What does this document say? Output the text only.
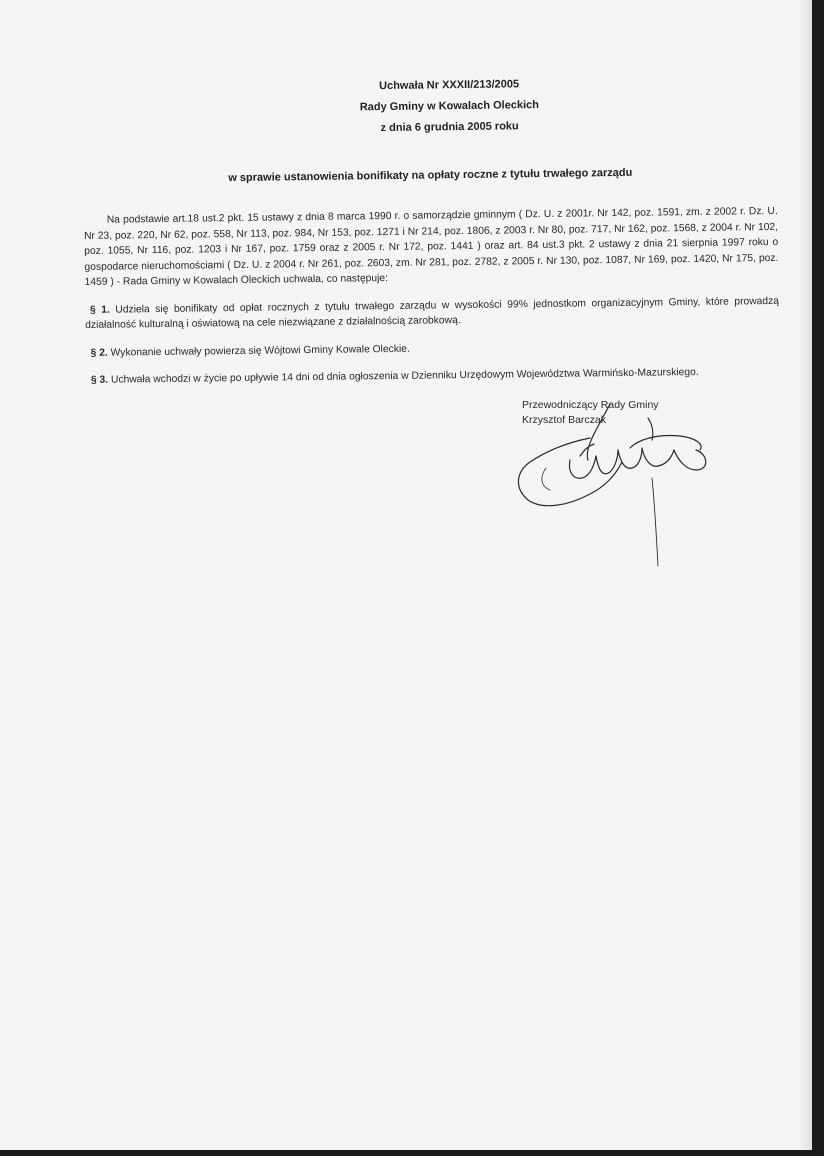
Uchwała Nr XXXII/213/2005
Rady Gminy w Kowalach Oleckich
z dnia 6 grudnia 2005 roku
w sprawie ustanowienia bonifikaty na opłaty roczne z tytułu trwałego zarządu
Na podstawie art.18 ust.2 pkt. 15 ustawy z dnia 8 marca 1990 r. o samorządzie gminnym ( Dz. U. z 2001r. Nr 142, poz. 1591, zm. z 2002 r. Dz. U. Nr 23, poz. 220, Nr 62, poz. 558, Nr 113, poz. 984, Nr 153, poz. 1271 i Nr 214, poz. 1806, z 2003 r. Nr 80, poz. 717, Nr 162, poz. 1568, z 2004 r. Nr 102, poz. 1055, Nr 116, poz. 1203 i Nr 167, poz. 1759 oraz z 2005 r. Nr 172, poz. 1441 ) oraz art. 84 ust.3 pkt. 2 ustawy z dnia 21 sierpnia 1997 roku o gospodarce nieruchomościami ( Dz. U. z 2004 r. Nr 261, poz. 2603, zm. Nr 281, poz. 2782, z 2005 r. Nr 130, poz. 1087, Nr 169, poz. 1420, Nr 175, poz. 1459 ) - Rada Gminy w Kowalach Oleckich uchwala, co następuje:
§ 1. Udziela się bonifikaty od opłat rocznych z tytułu trwałego zarządu w wysokości 99% jednostkom organizacyjnym Gminy, które prowadzą działalność kulturalną i oświatową na cele niezwiązane z działalnością zarobkową.
§ 2. Wykonanie uchwały powierza się Wójtowi Gminy Kowale Oleckie.
§ 3. Uchwała wchodzi w życie po upływie 14 dni od dnia ogłoszenia w Dzienniku Urzędowym Województwa Warmińsko-Mazurskiego.
Przewodniczący Rady Gminy
Krzysztof Barczak
